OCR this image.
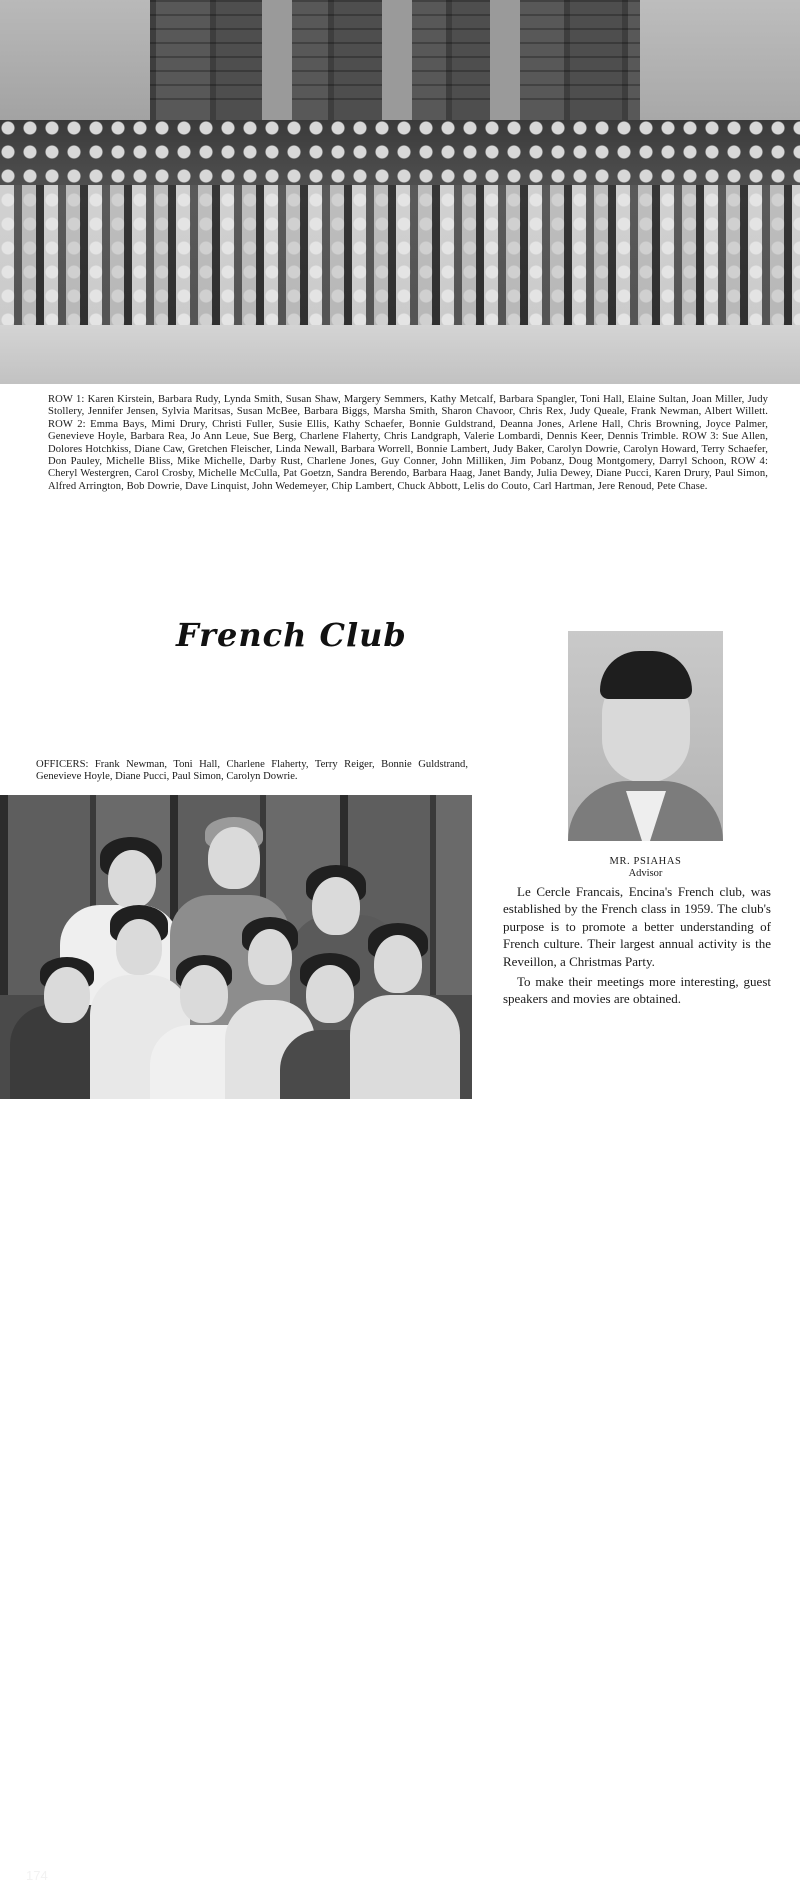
ROW 1: Karen Kirstein, Barbara Rudy, Lynda Smith, Susan Shaw, Margery Semmers, Kathy Metcalf, Barbara Spangler, Toni Hall, Elaine Sultan, Joan Miller, Judy Stollery, Jennifer Jensen, Sylvia Maritsas, Susan McBee, Barbara Biggs, Marsha Smith, Sharon Chavoor, Chris Rex, Judy Queale, Frank Newman, Albert Willett. ROW 2: Emma Bays, Mimi Drury, Christi Fuller, Susie Ellis, Kathy Schaefer, Bonnie Guldstrand, Deanna Jones, Arlene Hall, Chris Browning, Joyce Palmer, Genevieve Hoyle, Barbara Rea, Jo Ann Leue, Sue Berg, Charlene Flaherty, Chris Landgraph, Valerie Lombardi, Dennis Keer, Dennis Trimble. ROW 3: Sue Allen, Dolores Hotchkiss, Diane Caw, Gretchen Fleischer, Linda Newall, Barbara Worrell, Bonnie Lambert, Judy Baker, Carolyn Dowrie, Carolyn Howard, Terry Schaefer, Don Pauley, Michelle Bliss, Mike Michelle, Darby Rust, Charlene Jones, Guy Conner, John Milliken, Jim Pobanz, Doug Montgomery, Darryl Schoon, ROW 4: Cheryl Westergren, Carol Crosby, Michelle McCulla, Pat Goetzn, Sandra Berendo, Barbara Haag, Janet Bandy, Julia Dewey, Diane Pucci, Karen Drury, Paul Simon, Alfred Arrington, Bob Dowrie, Dave Linquist, John Wedemeyer, Chip Lambert, Chuck Abbott, Lelis do Couto, Carl Hartman, Jere Renoud, Pete Chase.
French Club
MR. PSIAHAS
Advisor
OFFICERS: Frank Newman, Toni Hall, Charlene Flaherty, Terry Reiger, Bonnie Guldstrand, Genevieve Hoyle, Diane Pucci, Paul Simon, Carolyn Dowrie.
174

Le Cercle Francais, Encina's French club, was established by the French class in 1959. The club's purpose is to promote a better understanding of French culture. Their largest annual activity is the Reveillon, a Christmas Party.

To make their meetings more interesting, guest speakers and movies are obtained.
